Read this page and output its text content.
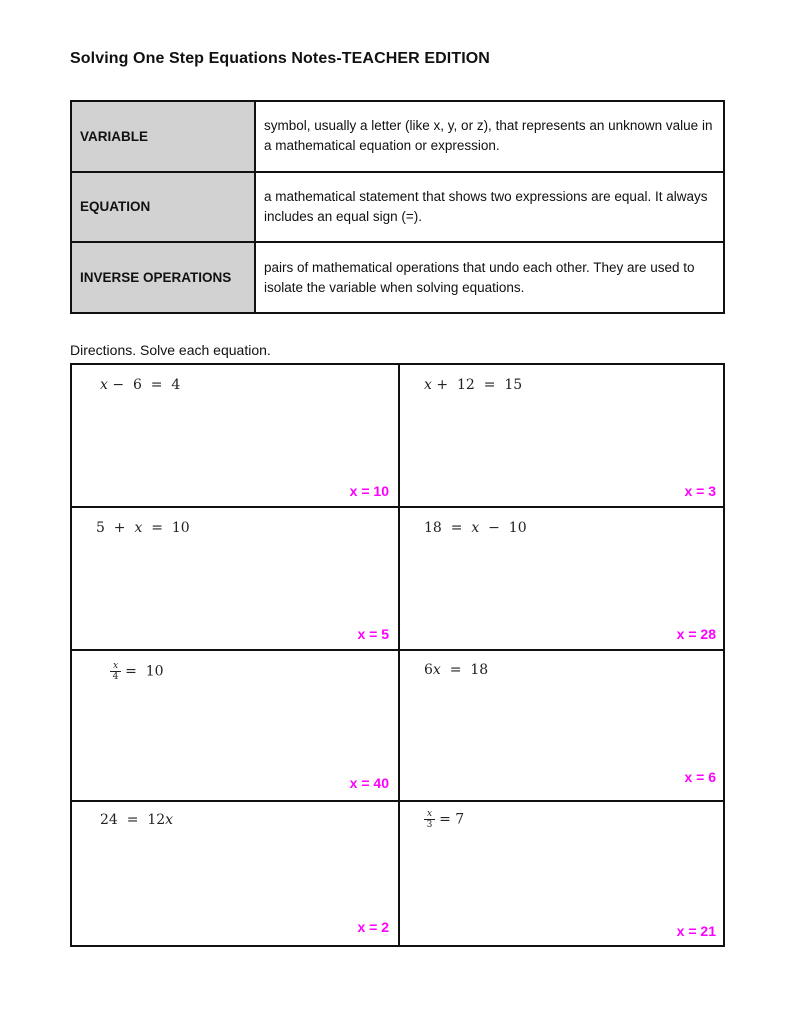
Solving One Step Equations Notes-TEACHER EDITION
VARIABLE	symbol, usually a letter (like x, y, or z), that represents an unknown value in a mathematical equation or expression.
EQUATION	a mathematical statement that shows two expressions are equal. It always includes an equal sign (=).
INVERSE OPERATIONS	pairs of mathematical operations that undo each other. They are used to isolate the variable when solving equations.
Directions. Solve each equation.
x −  6  =  4
x = 10
x +  12  =  15
x = 3
5  +  x  =  10
x = 5
18  =  x  −  10
x = 28
$\frac{x}{4} = 10$
x = 40
6x  =  18
x = 6
24  =  12x
x = 2
$\frac{x}{3} = 7$
x = 21
